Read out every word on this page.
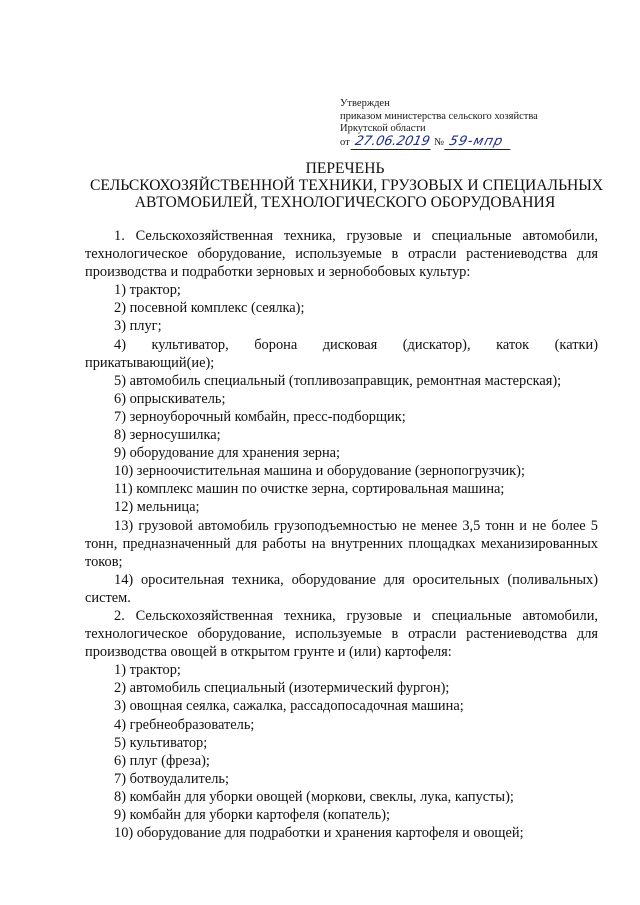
Утвержден
приказом министерства сельского хозяйства
Иркутской области
от 27.06.2019 № 59-мпр
ПЕРЕЧЕНЬ
СЕЛЬСКОХОЗЯЙСТВЕННОЙ ТЕХНИКИ, ГРУЗОВЫХ И СПЕЦИАЛЬНЫХ
АВТОМОБИЛЕЙ, ТЕХНОЛОГИЧЕСКОГО ОБОРУДОВАНИЯ

1. Сельскохозяйственная техника, грузовые и специальные автомобили, технологическое оборудование, используемые в отрасли растениеводства для производства и подработки зерновых и зернобобовых культур:

1) трактор;

2) посевной комплекс (сеялка);

3) плуг;

4) культиватор, борона дисковая (дискатор), каток (катки) прикатывающий(ие);

5) автомобиль специальный (топливозаправщик, ремонтная мастерская);

6) опрыскиватель;

7) зерноуборочный комбайн, пресс-подборщик;

8) зерносушилка;

9) оборудование для хранения зерна;

10) зерноочистительная машина и оборудование (зернопогрузчик);

11) комплекс машин по очистке зерна, сортировальная машина;

12) мельница;

13) грузовой автомобиль грузоподъемностью не менее 3,5 тонн и не более 5 тонн, предназначенный для работы на внутренних площадках механизированных токов;

14) оросительная техника, оборудование для оросительных (поливальных) систем.

2. Сельскохозяйственная техника, грузовые и специальные автомобили, технологическое оборудование, используемые в отрасли растениеводства для производства овощей в открытом грунте и (или) картофеля:

1) трактор;

2) автомобиль специальный (изотермический фургон);

3) овощная сеялка, сажалка, рассадопосадочная машина;

4) гребнеобразователь;

5) культиватор;

6) плуг (фреза);

7) ботвоудалитель;

8) комбайн для уборки овощей (моркови, свеклы, лука, капусты);

9) комбайн для уборки картофеля (копатель);

10) оборудование для подработки и хранения картофеля и овощей;
